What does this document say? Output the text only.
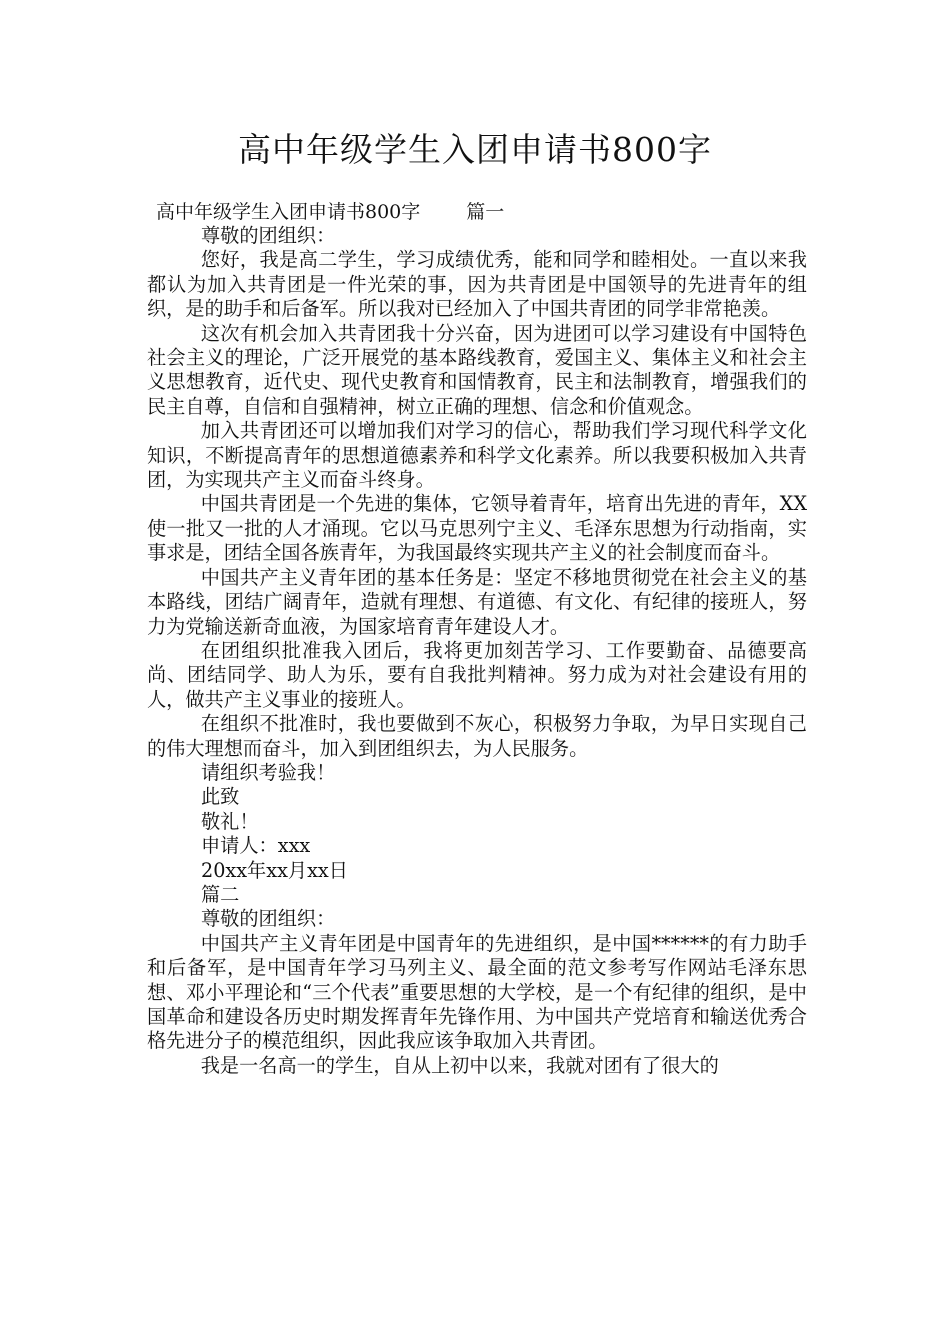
高中年级学生入团申请书800字
高中年级学生入团申请书800字 篇一

尊敬的团组织：

您好，我是高二学生，学习成绩优秀，能和同学和睦相处。一直以来我都认为加入共青团是一件光荣的事，因为共青团是中国领导的先进青年的组织，是的助手和后备军。所以我对已经加入了中国共青团的同学非常艳羡。

这次有机会加入共青团我十分兴奋，因为进团可以学习建设有中国特色社会主义的理论，广泛开展党的基本路线教育，爱国主义、集体主义和社会主义思想教育，近代史、现代史教育和国情教育，民主和法制教育，增强我们的民主自尊，自信和自强精神，树立正确的理想、信念和价值观念。

加入共青团还可以增加我们对学习的信心，帮助我们学习现代科学文化知识，不断提高青年的思想道德素养和科学文化素养。所以我要积极加入共青团，为实现共产主义而奋斗终身。

中国共青团是一个先进的集体，它领导着青年，培育出先进的青年，XX使一批又一批的人才涌现。它以马克思列宁主义、毛泽东思想为行动指南，实事求是，团结全国各族青年，为我国最终实现共产主义的社会制度而奋斗。

中国共产主义青年团的基本任务是：坚定不移地贯彻党在社会主义的基本路线，团结广阔青年，造就有理想、有道德、有文化、有纪律的接班人，努力为党输送新奇血液，为国家培育青年建设人才。

在团组织批准我入团后，我将更加刻苦学习、工作要勤奋、品德要高尚、团结同学、助人为乐，要有自我批判精神。努力成为对社会建设有用的人，做共产主义事业的接班人。

在组织不批准时，我也要做到不灰心，积极努力争取，为早日实现自己的伟大理想而奋斗，加入到团组织去，为人民服务。

请组织考验我！

此致

敬礼！

申请人：xxx

20xx年xx月xx日

篇二

尊敬的团组织：

中国共产主义青年团是中国青年的先进组织，是中国******的有力助手和后备军，是中国青年学习马列主义、最全面的范文参考写作网站毛泽东思想、邓小平理论和“三个代表”重要思想的大学校，是一个有纪律的组织，是中国革命和建设各历史时期发挥青年先锋作用、为中国共产党培育和输送优秀合格先进分子的模范组织，因此我应该争取加入共青团。

我是一名高一的学生，自从上初中以来，我就对团有了很大的
